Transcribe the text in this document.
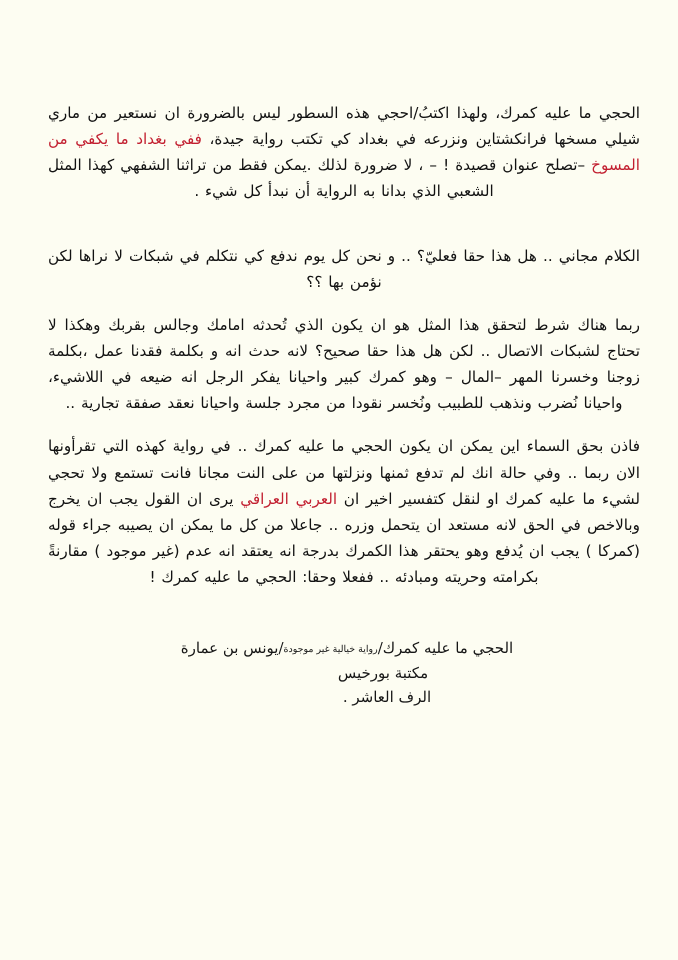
الحجي ما عليه كمرك، ولهذا اكتبُ/احجي هذه السطور ليس بالضرورة ان نستعير من ماري شيلي مسخها فرانكشتاين ونزرعه في بغداد كي تكتب رواية جيدة، ففي بغداد ما يكفي من المسوخ –تصلح عنوان قصيدة ! – ، لا ضرورة لذلك .يمكن فقط من تراثنا الشفهي كهذا المثل الشعبي الذي بدانا به الرواية أن نبدأ كل شيء .

الكلام مجاني .. هل هذا حقا فعليّ؟ .. و نحن كل يوم ندفع كي نتكلم في شبكات لا نراها لكن نؤمن بها ؟؟

ربما هناك شرط لتحقق هذا المثل هو ان يكون الذي تُحدثه امامك وجالس بقربك وهكذا لا تحتاج لشبكات الاتصال .. لكن هل هذا حقا صحيح؟ لانه حدث انه و بكلمة فقدنا عمل ،بكلمة زوجنا وخسرنا المهر –المال – وهو كمرك كبير واحيانا يفكر الرجل انه ضيعه في اللاشيء، واحيانا نُضرب ونذهب للطبيب ونُخسر نقودا من مجرد جلسة واحيانا نعقد صفقة تجارية ..

فاذن بحق السماء اين يمكن ان يكون الحجي ما عليه كمرك .. في رواية كهذه التي تقرأونها الان ربما .. وفي حالة انك لم تدفع ثمنها ونزلتها من على النت مجانا فانت تستمع ولا تحجي لشيء ما عليه كمرك او لنقل كتفسير اخير ان العربي العراقي يرى ان القول يجب ان يخرج وبالاخص في الحق لانه مستعد ان يتحمل وزره .. جاعلا من كل ما يمكن ان يصيبه جراء قوله (كمركا ) يجب ان يُدفع وهو يحتقر هذا الكمرك بدرجة انه يعتقد انه عدم (غير موجود ) مقارنةً بكرامته وحريته ومبادئه .. ففعلا وحقا: الحجي ما عليه كمرك !

الحجي ما عليه كمرك/رواية خيالية غير موجودة/يونس بن عمارة
مكتبة بورخيس
الرف العاشر .
